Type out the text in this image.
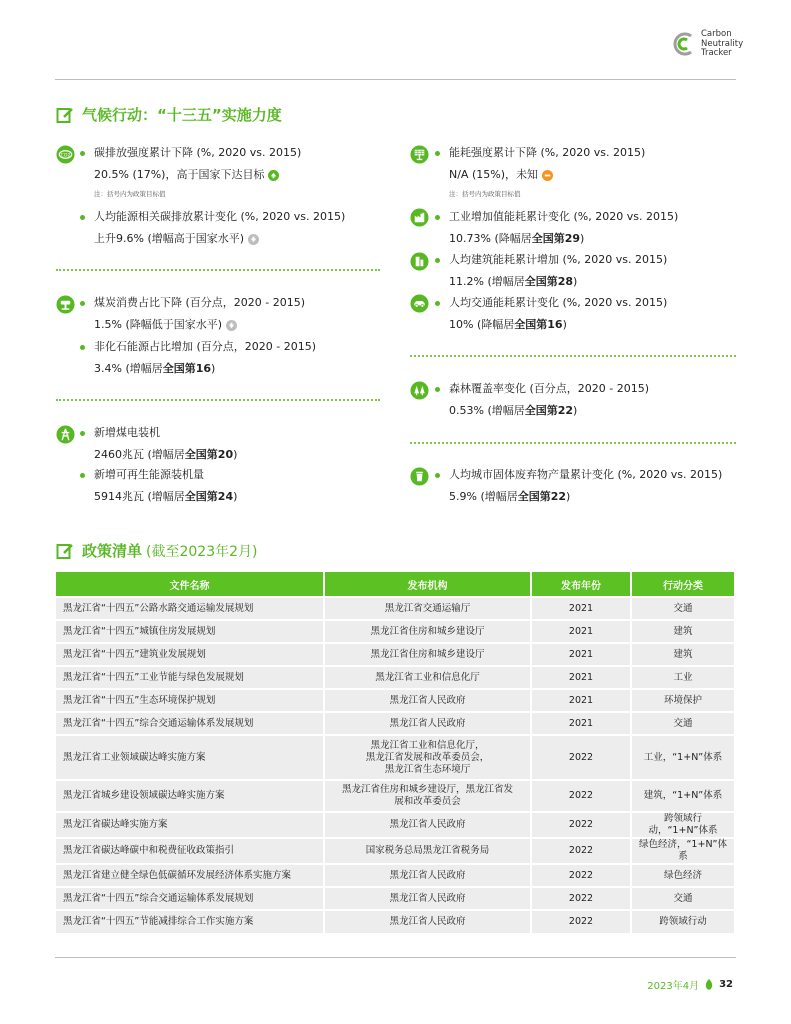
Carbon
Neutrality
Tracker
气候行动：“十三五”实施力度
CO2 碳排放强度累计下降 (%, 2020 vs. 2015)
20.5% (17%)，高于国家下达目标
注：括号内为政策目标值
人均能源相关碳排放累计变化 (%, 2020 vs. 2015)
上升9.6% (增幅高于国家水平)
煤炭消费占比下降 (百分点，2020 - 2015)
1.5% (降幅低于国家水平)
非化石能源占比增加 (百分点，2020 - 2015)
3.4% (增幅居 全国第16 )
新增煤电装机
2460兆瓦 (增幅居 全国第20 )
新增可再生能源装机量
5914兆瓦 (增幅居 全国第24 )
能耗强度累计下降 (%, 2020 vs. 2015)
N/A (15%)，未知
注：括号内为政策目标值
工业增加值能耗累计变化 (%, 2020 vs. 2015)
10.73% (降幅居 全国第29 )
人均建筑能耗累计增加 (%, 2020 vs. 2015)
11.2% (增幅居 全国第28 )
人均交通能耗累计变化 (%, 2020 vs. 2015)
10% (降幅居 全国第16 )
森林覆盖率变化 (百分点，2020 - 2015)
0.53% (增幅居 全国第22 )
人均城市固体废弃物产量累计变化 (%, 2020 vs. 2015)
5.9% (增幅居 全国第22 )
政策清单 (截至2023年2月)
文件名称	发布机构	发布年份	行动分类
黑龙江省“十四五”公路水路交通运输发展规划	黑龙江省交通运输厅	2021	交通
黑龙江省“十四五”城镇住房发展规划	黑龙江省住房和城乡建设厅	2021	建筑
黑龙江省“十四五”建筑业发展规划	黑龙江省住房和城乡建设厅	2021	建筑
黑龙江省“十四五”工业节能与绿色发展规划	黑龙江省工业和信息化厅	2021	工业
黑龙江省“十四五”生态环境保护规划	黑龙江省人民政府	2021	环境保护
黑龙江省“十四五”综合交通运输体系发展规划	黑龙江省人民政府	2021	交通
黑龙江省工业领域碳达峰实施方案	黑龙江省工业和信息化厅，
黑龙江省发展和改革委员会，
黑龙江省生态环境厅	2022	工业，“1+N”体系
黑龙江省城乡建设领域碳达峰实施方案	黑龙江省住房和城乡建设厅，黑龙江省发
展和改革委员会	2022	建筑，“1+N”体系
黑龙江省碳达峰实施方案	黑龙江省人民政府	2022	跨领域行动，“1+N”体系
黑龙江省碳达峰碳中和税费征收政策指引	国家税务总局黑龙江省税务局	2022	绿色经济，“1+N”体系
黑龙江省建立健全绿色低碳循环发展经济体系实施方案	黑龙江省人民政府	2022	绿色经济
黑龙江省“十四五”综合交通运输体系发展规划	黑龙江省人民政府	2022	交通
黑龙江省“十四五”节能减排综合工作实施方案	黑龙江省人民政府	2022	跨领域行动
2023年4月 32
